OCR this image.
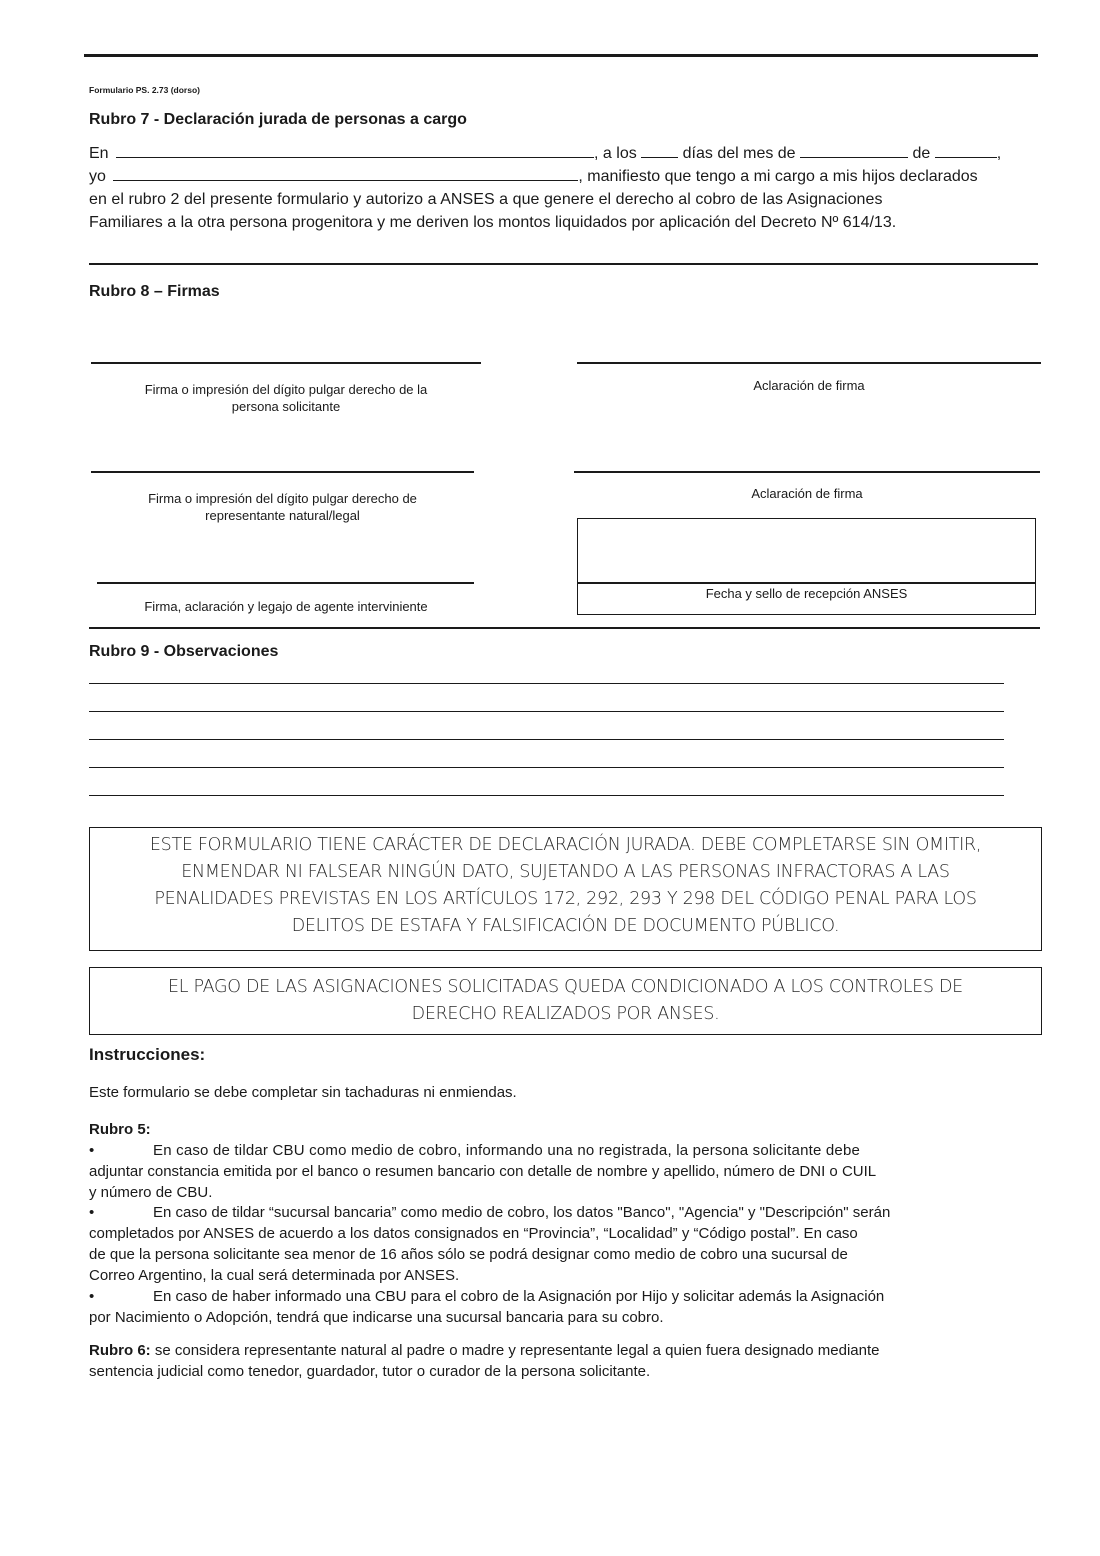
Formulario PS. 2.73 (dorso)
Rubro 7 - Declaración jurada de personas a cargo
En	, a los	días del mes de	de	,
yo	, manifiesto que tengo a mi cargo a mis hijos declarados
en el rubro 2 del presente formulario y autorizo a ANSES a que genere el derecho al cobro de las Asignaciones
Familiares a la otra persona progenitora y me deriven los montos liquidados por aplicación del Decreto Nº 614/13.
Rubro 8 – Firmas
Firma o impresión del dígito pulgar derecho de la
persona solicitante
Aclaración de firma
Firma o impresión del dígito pulgar derecho de
representante natural/legal
Aclaración de firma
Fecha y sello de recepción ANSES
Firma, aclaración y legajo de agente interviniente
Rubro 9 - Observaciones
ESTE FORMULARIO TIENE CARÁCTER DE DECLARACIÓN JURADA. DEBE COMPLETARSE SIN OMITIR,
ENMENDAR NI FALSEAR NINGÚN DATO, SUJETANDO A LAS PERSONAS INFRACTORAS A LAS
PENALIDADES PREVISTAS EN LOS ARTÍCULOS 172, 292, 293 Y 298 DEL CÓDIGO PENAL PARA LOS
DELITOS DE ESTAFA Y FALSIFICACIÓN DE DOCUMENTO PÚBLICO.
EL PAGO DE LAS ASIGNACIONES SOLICITADAS QUEDA CONDICIONADO A LOS CONTROLES DE
DERECHO REALIZADOS POR ANSES.
Instrucciones:
Este formulario se debe completar sin tachaduras ni enmiendas.
Rubro 5:
•	En caso de tildar CBU como medio de cobro, informando una no registrada, la persona solicitante debe
adjuntar constancia emitida por el banco o resumen bancario con detalle de nombre y apellido, número de DNI o CUIL
y número de CBU.
•	En caso de tildar “sucursal bancaria” como medio de cobro, los datos "Banco", "Agencia" y "Descripción" serán
completados por ANSES de acuerdo a los datos consignados en “Provincia”, “Localidad” y “Código postal”. En caso
de que la persona solicitante sea menor de 16 años sólo se podrá designar como medio de cobro una sucursal de
Correo Argentino, la cual será determinada por ANSES.
•	En caso de haber informado una CBU para el cobro de la Asignación por Hijo y solicitar además la Asignación
por Nacimiento o Adopción, tendrá que indicarse una sucursal bancaria para su cobro.
Rubro 6: se considera representante natural al padre o madre y representante legal a quien fuera designado mediante
sentencia judicial como tenedor, guardador, tutor o curador de la persona solicitante.
